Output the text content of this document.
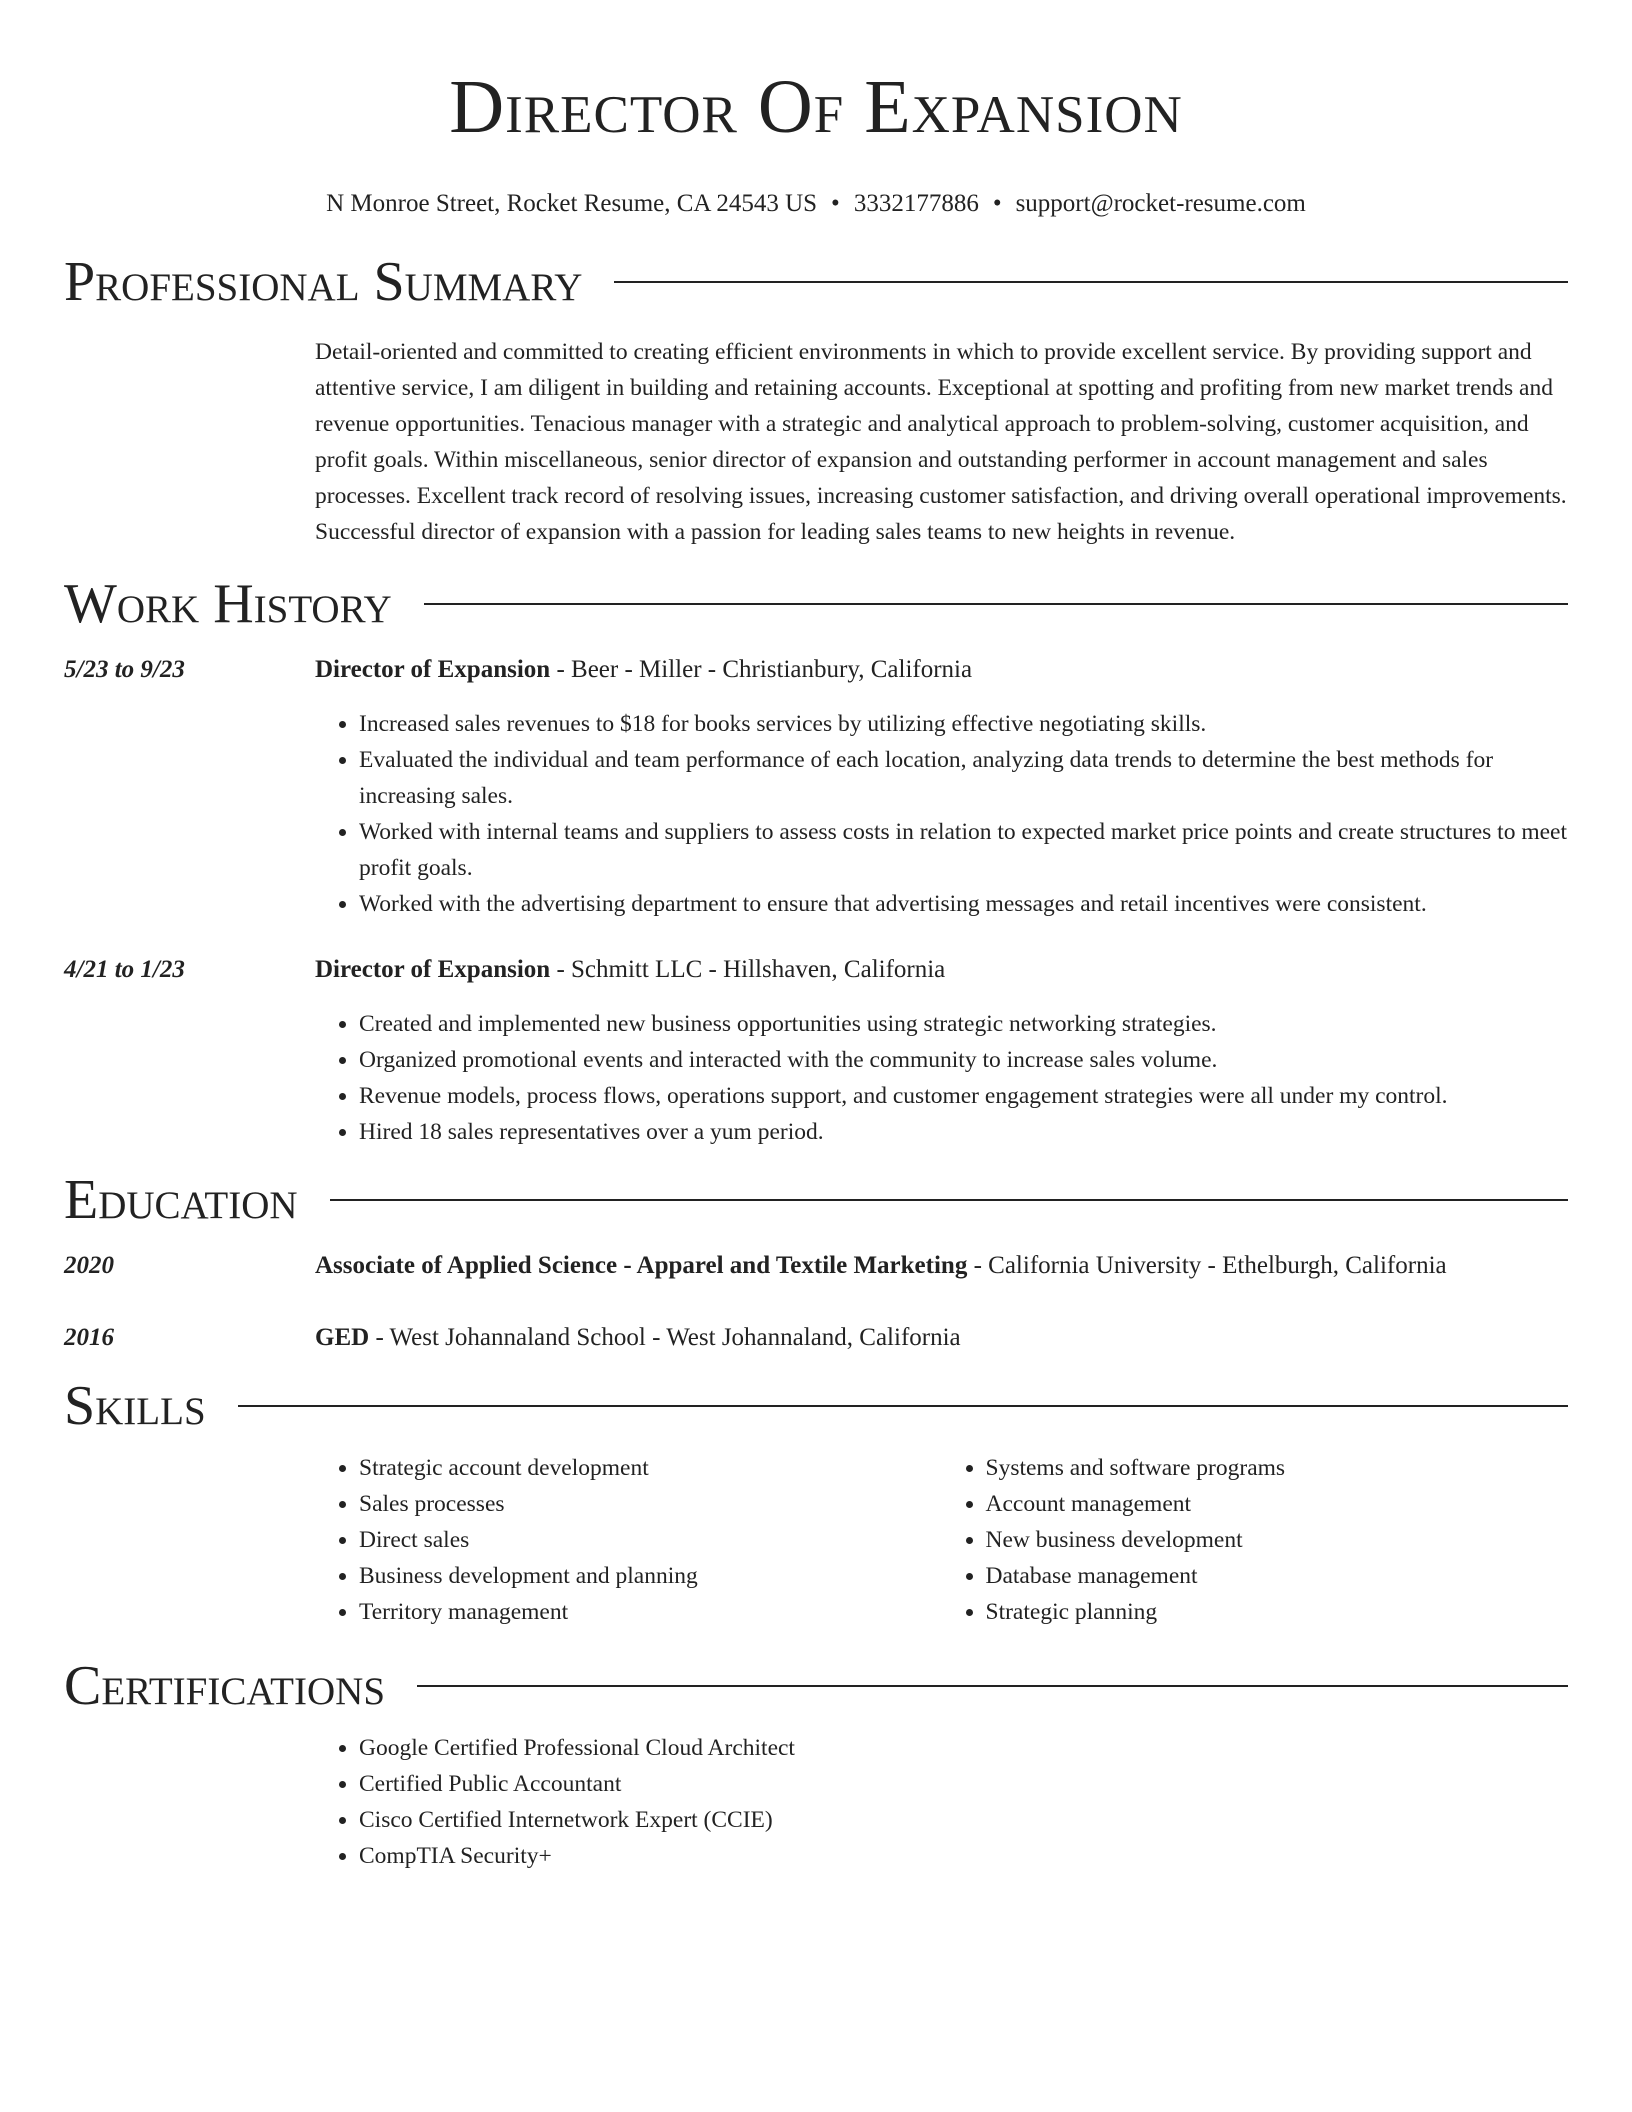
Director Of Expansion
N Monroe Street, Rocket Resume, CA 24543 US • 3332177886 • support@rocket-resume.com
Professional Summary

Detail-oriented and committed to creating efficient environments in which to provide excellent service. By providing support and attentive service, I am diligent in building and retaining accounts. Exceptional at spotting and profiting from new market trends and revenue opportunities. Tenacious manager with a strategic and analytical approach to problem-solving, customer acquisition, and profit goals. Within miscellaneous, senior director of expansion and outstanding performer in account management and sales processes. Excellent track record of resolving issues, increasing customer satisfaction, and driving overall operational improvements. Successful director of expansion with a passion for leading sales teams to new heights in revenue.

Work History
5/23 to 9/23	Director of Expansion - Beer - Miller - Christianbury, California
• Increased sales revenues to $18 for books services by utilizing effective negotiating skills.
• Evaluated the individual and team performance of each location, analyzing data trends to determine the best methods for increasing sales.
• Worked with internal teams and suppliers to assess costs in relation to expected market price points and create structures to meet profit goals.
• Worked with the advertising department to ensure that advertising messages and retail incentives were consistent.
4/21 to 1/23	Director of Expansion - Schmitt LLC - Hillshaven, California
• Created and implemented new business opportunities using strategic networking strategies.
• Organized promotional events and interacted with the community to increase sales volume.
• Revenue models, process flows, operations support, and customer engagement strategies were all under my control.
• Hired 18 sales representatives over a yum period.
Education
2020	Associate of Applied Science - Apparel and Textile Marketing - California University - Ethelburgh, California
2016	GED - West Johannaland School - West Johannaland, California
Skills
• Strategic account development
• Sales processes
• Direct sales
• Business development and planning
• Territory management
• Systems and software programs
• Account management
• New business development
• Database management
• Strategic planning
Certifications
• Google Certified Professional Cloud Architect
• Certified Public Accountant
• Cisco Certified Internetwork Expert (CCIE)
• CompTIA Security+
